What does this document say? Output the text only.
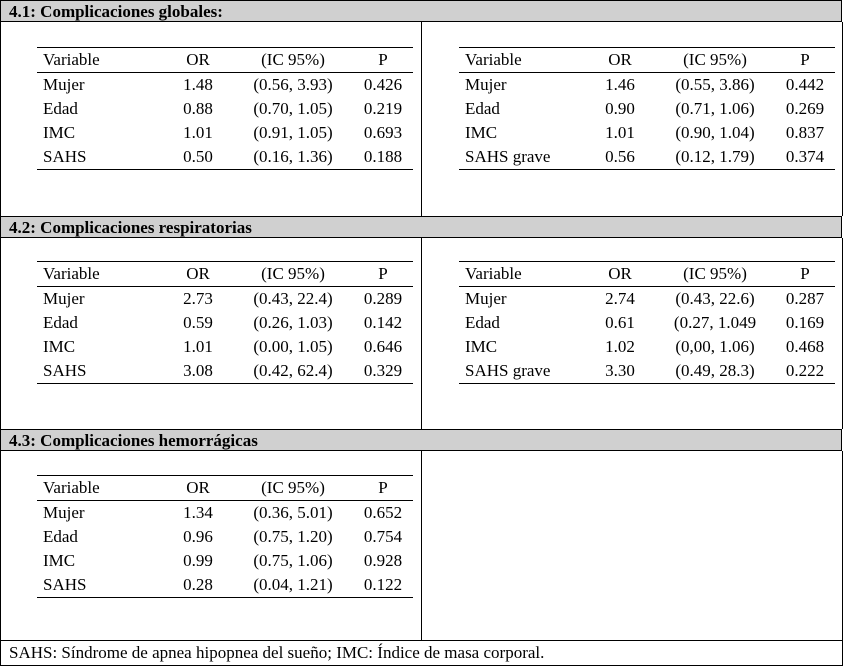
4.1: Complicaciones globales:
Variable	OR	(IC 95%)	P
Mujer	1.48	(0.56, 3.93)	0.426
Edad	0.88	(0.70, 1.05)	0.219
IMC	1.01	(0.91, 1.05)	0.693
SAHS	0.50	(0.16, 1.36)	0.188
Variable	OR	(IC 95%)	P
Mujer	1.46	(0.55, 3.86)	0.442
Edad	0.90	(0.71, 1.06)	0.269
IMC	1.01	(0.90, 1.04)	0.837
SAHS grave	0.56	(0.12, 1.79)	0.374
4.2: Complicaciones respiratorias
Variable	OR	(IC 95%)	P
Mujer	2.73	(0.43, 22.4)	0.289
Edad	0.59	(0.26, 1.03)	0.142
IMC	1.01	(0.00, 1.05)	0.646
SAHS	3.08	(0.42, 62.4)	0.329
Variable	OR	(IC 95%)	P
Mujer	2.74	(0.43, 22.6)	0.287
Edad	0.61	(0.27, 1.049	0.169
IMC	1.02	(0,00, 1.06)	0.468
SAHS grave	3.30	(0.49, 28.3)	0.222
4.3: Complicaciones hemorrágicas
Variable	OR	(IC 95%)	P
Mujer	1.34	(0.36, 5.01)	0.652
Edad	0.96	(0.75, 1.20)	0.754
IMC	0.99	(0.75, 1.06)	0.928
SAHS	0.28	(0.04, 1.21)	0.122
SAHS: Síndrome de apnea hipopnea del sueño; IMC: Índice de masa corporal.
